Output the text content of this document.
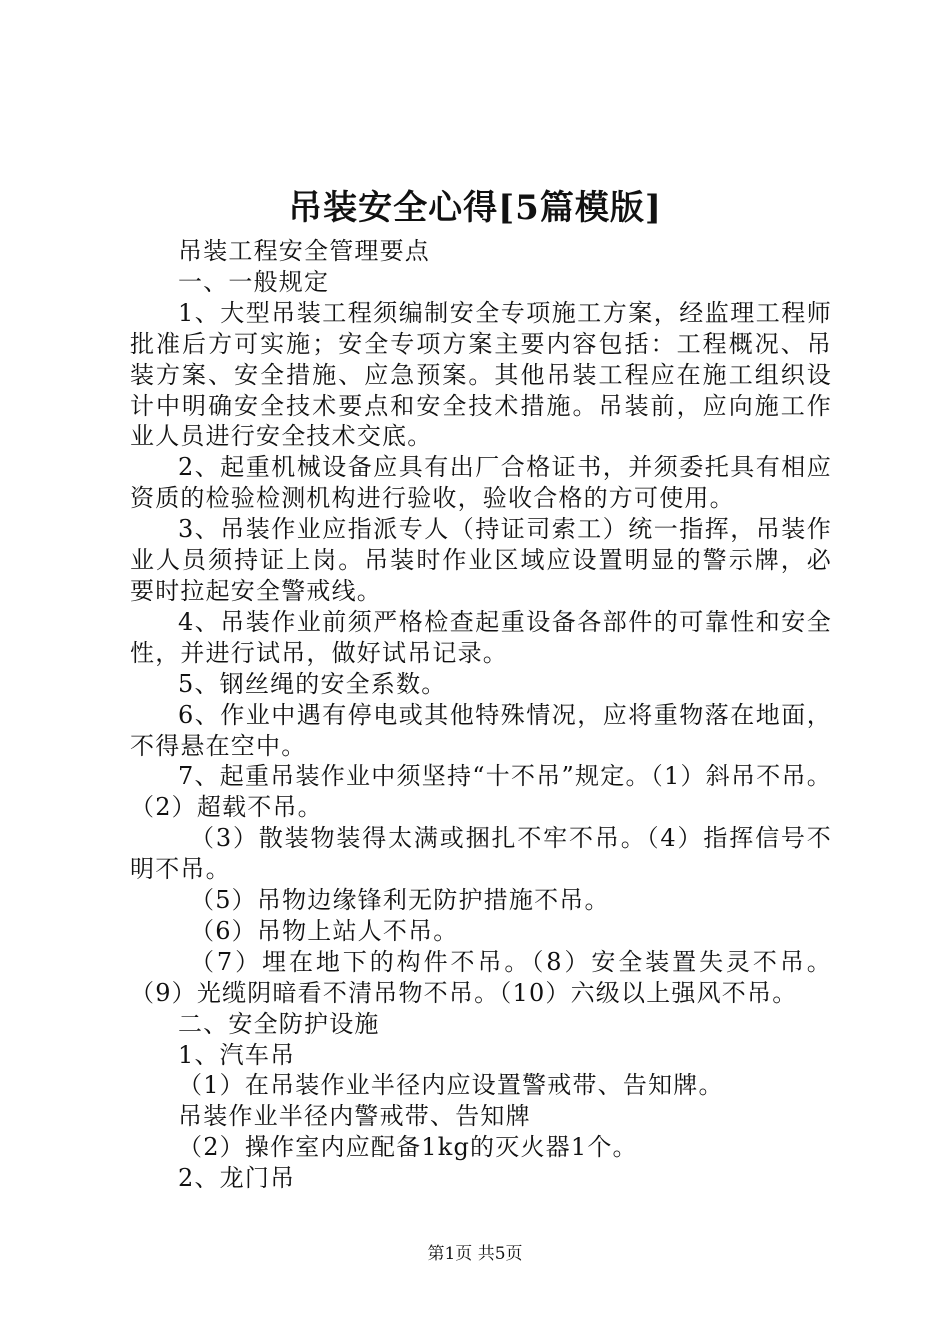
吊装安全心得[5篇模版]

吊装工程安全管理要点

一、一般规定

1、大型吊装工程须编制安全专项施工方案，经监理工程师批准后方可实施；安全专项方案主要内容包括：工程概况、吊装方案、安全措施、应急预案。其他吊装工程应在施工组织设计中明确安全技术要点和安全技术措施。吊装前，应向施工作业人员进行安全技术交底。

2、起重机械设备应具有出厂合格证书，并须委托具有相应资质的检验检测机构进行验收，验收合格的方可使用。

3、吊装作业应指派专人（持证司索工）统一指挥，吊装作业人员须持证上岗。吊装时作业区域应设置明显的警示牌，必要时拉起安全警戒线。

4、吊装作业前须严格检查起重设备各部件的可靠性和安全性，并进行试吊，做好试吊记录。

5、钢丝绳的安全系数。

6、作业中遇有停电或其他特殊情况，应将重物落在地面，不得悬在空中。

7、起重吊装作业中须坚持“十不吊”规定。（1）斜吊不吊。（2）超载不吊。

（3）散装物装得太满或捆扎不牢不吊。（4）指挥信号不明不吊。

（5）吊物边缘锋利无防护措施不吊。

（6）吊物上站人不吊。

（7）埋在地下的构件不吊。（8）安全装置失灵不吊。（9）光缆阴暗看不清吊物不吊。（10）六级以上强风不吊。

二、安全防护设施

1、汽车吊

（1）在吊装作业半径内应设置警戒带、告知牌。

吊装作业半径内警戒带、告知牌

（2）操作室内应配备1kg的灭火器1个。

2、龙门吊

第1页 共5页
